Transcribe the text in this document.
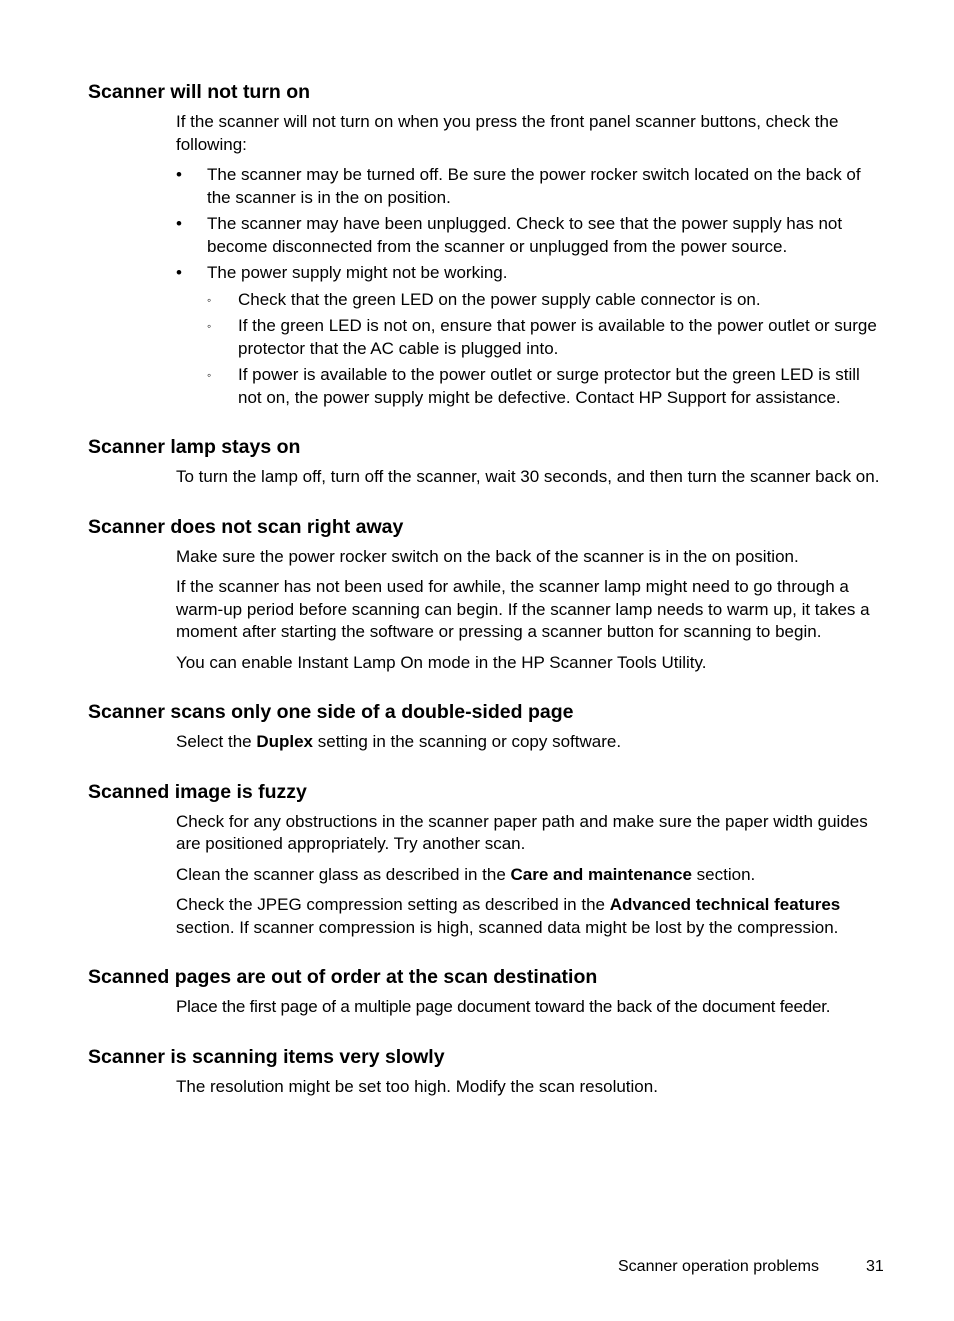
Scanner will not turn on

If the scanner will not turn on when you press the front panel scanner buttons, check the following:

• The scanner may be turned off. Be sure the power rocker switch located on the back of the scanner is in the on position.
• The scanner may have been unplugged. Check to see that the power supply has not become disconnected from the scanner or unplugged from the power source.
• The power supply might not be working.
◦ Check that the green LED on the power supply cable connector is on.
◦ If the green LED is not on, ensure that power is available to the power outlet or surge protector that the AC cable is plugged into.
◦ If power is available to the power outlet or surge protector but the green LED is still not on, the power supply might be defective. Contact HP Support for assistance.
Scanner lamp stays on

To turn the lamp off, turn off the scanner, wait 30 seconds, and then turn the scanner back on.

Scanner does not scan right away

Make sure the power rocker switch on the back of the scanner is in the on position.

If the scanner has not been used for awhile, the scanner lamp might need to go through a warm-up period before scanning can begin. If the scanner lamp needs to warm up, it takes a moment after starting the software or pressing a scanner button for scanning to begin.

You can enable Instant Lamp On mode in the HP Scanner Tools Utility.

Scanner scans only one side of a double-sided page

Select the Duplex setting in the scanning or copy software.

Scanned image is fuzzy

Check for any obstructions in the scanner paper path and make sure the paper width guides are positioned appropriately. Try another scan.

Clean the scanner glass as described in the Care and maintenance section.

Check the JPEG compression setting as described in the Advanced technical features section. If scanner compression is high, scanned data might be lost by the compression.

Scanned pages are out of order at the scan destination

Place the first page of a multiple page document toward the back of the document feeder.

Scanner is scanning items very slowly

The resolution might be set too high. Modify the scan resolution.

Scanner operation problems	31
